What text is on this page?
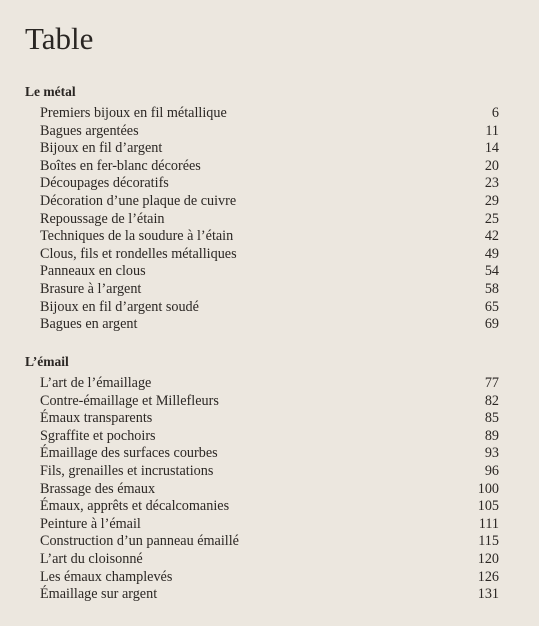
Table
Le métal
Premiers bijoux en fil métallique	6
Bagues argentées	11
Bijoux en fil d’argent	14
Boîtes en fer-blanc décorées	20
Découpages décoratifs	23
Décoration d’une plaque de cuivre	29
Repoussage de l’étain	25
Techniques de la soudure à l’étain	42
Clous, fils et rondelles métalliques	49
Panneaux en clous	54
Brasure à l’argent	58
Bijoux en fil d’argent soudé	65
Bagues en argent	69
L’émail
L’art de l’émaillage	77
Contre-émaillage et Millefleurs	82
Émaux transparents	85
Sgraffite et pochoirs	89
Émaillage des surfaces courbes	93
Fils, grenailles et incrustations	96
Brassage des émaux	100
Émaux, apprêts et décalcomanies	105
Peinture à l’émail	111
Construction d’un panneau émaillé	115
L’art du cloisonné	120
Les émaux champlevés	126
Émaillage sur argent	131
